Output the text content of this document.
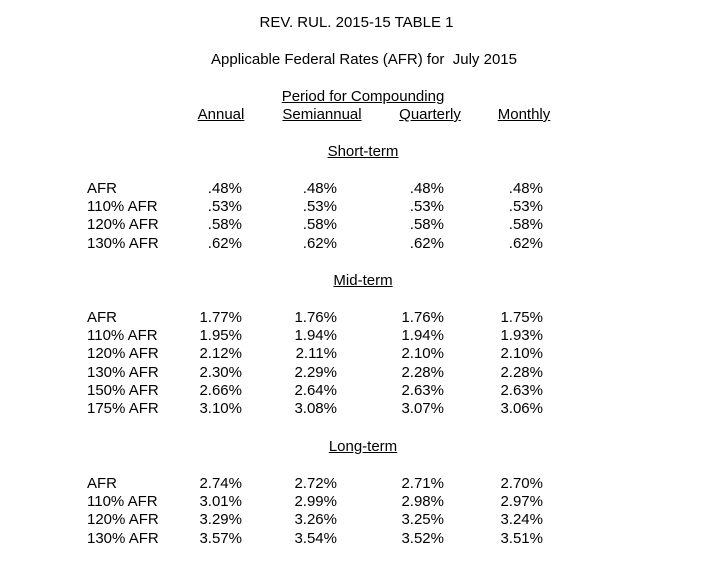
REV. RUL. 2015-15 TABLE 1
Applicable Federal Rates (AFR) for  July 2015
Period for Compounding
Annual	Semiannual	Quarterly	Monthly
Short-term
AFR	.48%	.48%	.48%	.48%
110% AFR	.53%	.53%	.53%	.53%
120% AFR	.58%	.58%	.58%	.58%
130% AFR	.62%	.62%	.62%	.62%
Mid-term
AFR	1.77%	1.76%	1.76%	1.75%
110% AFR	1.95%	1.94%	1.94%	1.93%
120% AFR	2.12%	2.11%	2.10%	2.10%
130% AFR	2.30%	2.29%	2.28%	2.28%
150% AFR	2.66%	2.64%	2.63%	2.63%
175% AFR	3.10%	3.08%	3.07%	3.06%
Long-term
AFR	2.74%	2.72%	2.71%	2.70%
110% AFR	3.01%	2.99%	2.98%	2.97%
120% AFR	3.29%	3.26%	3.25%	3.24%
130% AFR	3.57%	3.54%	3.52%	3.51%
